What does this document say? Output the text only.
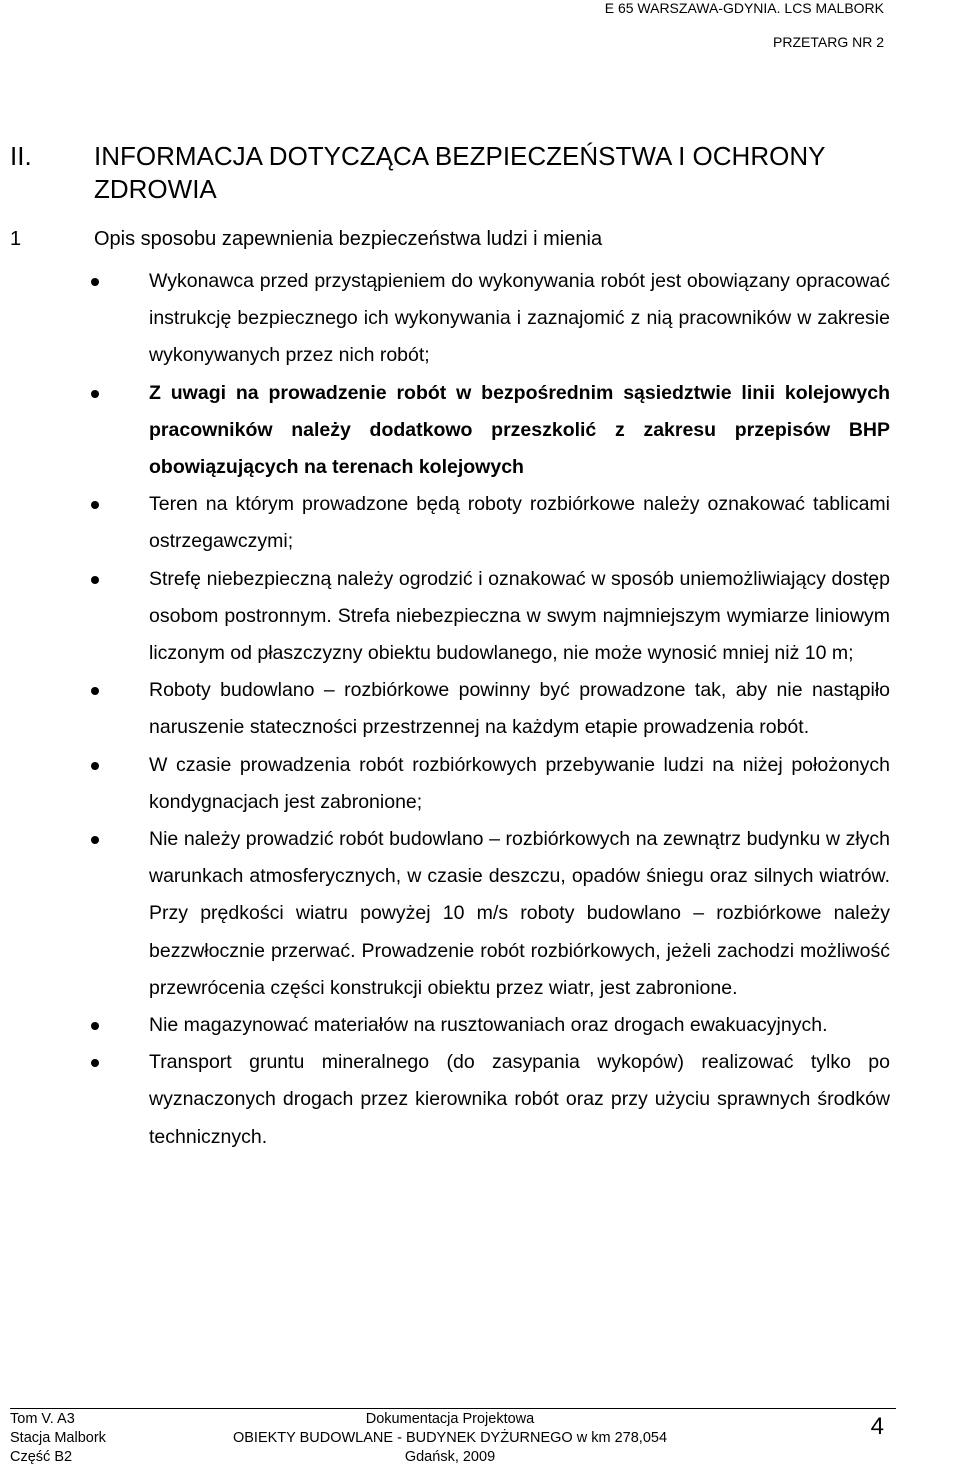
E 65 WARSZAWA-GDYNIA. LCS MALBORK
PRZETARG NR 2
II. INFORMACJA DOTYCZĄCA BEZPIECZEŃSTWA I OCHRONY ZDROWIA
1	Opis sposobu zapewnienia bezpieczeństwa ludzi i mienia
Wykonawca przed przystąpieniem do wykonywania robót jest obowiązany opracować instrukcję bezpiecznego ich wykonywania i zaznajomić z nią pracowników w zakresie wykonywanych przez nich robót;
Z uwagi na prowadzenie robót w bezpośrednim sąsiedztwie linii kolejowych pracowników należy dodatkowo przeszkolić z zakresu przepisów BHP obowiązujących na terenach kolejowych
Teren na którym prowadzone będą roboty rozbiórkowe należy oznakować tablicami ostrzegawczymi;
Strefę niebezpieczną należy ogrodzić i oznakować w sposób uniemożliwiający dostęp osobom postronnym. Strefa niebezpieczna w swym najmniejszym wymiarze liniowym liczonym od płaszczyzny obiektu budowlanego, nie może wynosić mniej niż 10 m;
Roboty budowlano – rozbiórkowe powinny być prowadzone tak, aby nie nastąpiło naruszenie stateczności przestrzennej na każdym etapie prowadzenia robót.
W czasie prowadzenia robót rozbiórkowych przebywanie ludzi na niżej położonych kondygnacjach jest zabronione;
Nie należy prowadzić robót budowlano – rozbiórkowych na zewnątrz budynku w złych warunkach atmosferycznych, w czasie deszczu, opadów śniegu oraz silnych wiatrów. Przy prędkości wiatru powyżej 10 m/s roboty budowlano – rozbiórkowe należy bezzwłocznie przerwać. Prowadzenie robót rozbiórkowych, jeżeli zachodzi możliwość przewrócenia części konstrukcji obiektu przez wiatr, jest zabronione.
Nie magazynować materiałów na rusztowaniach oraz drogach ewakuacyjnych.
Transport gruntu mineralnego (do zasypania wykopów) realizować tylko po wyznaczonych drogach przez kierownika robót oraz przy użyciu sprawnych środków technicznych.
Tom V. A3
Stacja Malbork
Część B2
Dokumentacja Projektowa
OBIEKTY BUDOWLANE - BUDYNEK DYŻURNEGO w km 278,054
Gdańsk, 2009
4
